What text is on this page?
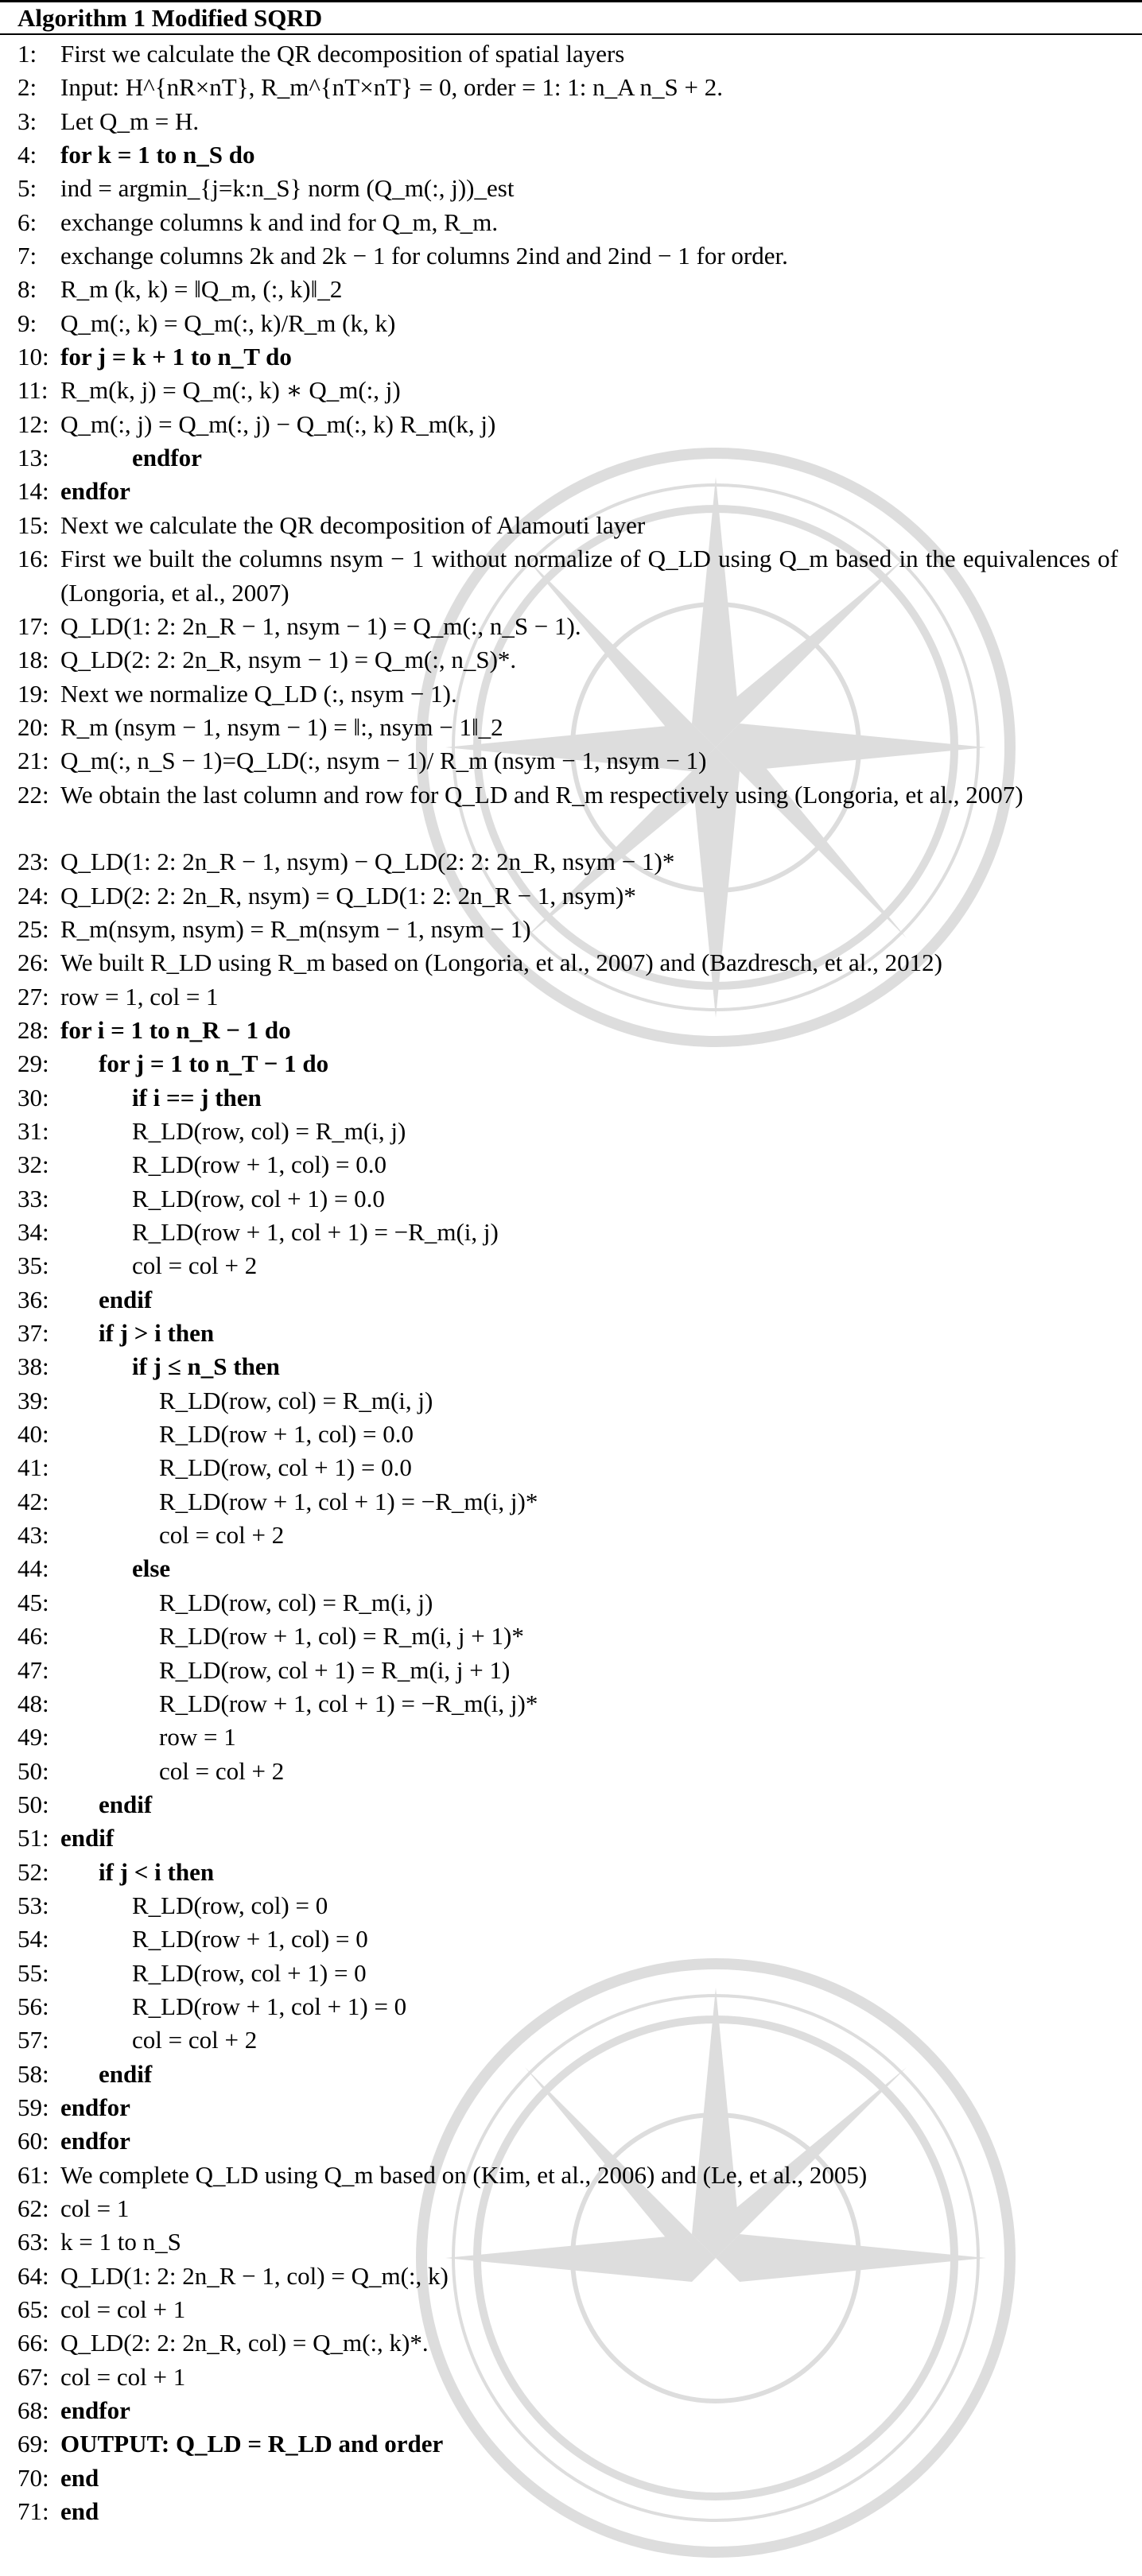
Algorithm 1 Modified SQRD
1: First we calculate the QR decomposition of spatial layers
2: Input: H^{nR×nT}, R_m^{nT×nT} = 0, order = 1: 1: n_A n_S + 2.
3: Let Q_m = H.
4: for k = 1 to n_S do
5: ind = argmin_{j=k:n_S} norm (Q_m(:, j))_est
6: exchange columns k and ind for Q_m, R_m.
7: exchange columns 2k and 2k − 1 for columns 2ind and 2ind − 1 for order.
8: R_m (k, k) = ‖Q_m, (:, k)‖_2
9: Q_m(:, k) = Q_m(:, k)/R_m (k, k)
10: for j = k + 1 to n_T do
11: R_m(k, j) = Q_m(:, k) ∗ Q_m(:, j)
12: Q_m(:, j) = Q_m(:, j) − Q_m(:, k) R_m(k, j)
13:	endfor
14: endfor
15: Next we calculate the QR decomposition of Alamouti layer
16: First we built the columns nsym − 1 without normalize of Q_LD using Q_m based in the equivalences of (Longoria, et al., 2007)
17: Q_LD(1: 2: 2n_R − 1, nsym − 1) = Q_m(:, n_S − 1).
18: Q_LD(2: 2: 2n_R, nsym − 1) = Q_m(:, n_S)*.
19: Next we normalize Q_LD (:, nsym − 1).
20: R_m (nsym − 1, nsym − 1) = ‖:, nsym − 1‖_2
21: Q_m(:, n_S − 1)=Q_LD(:, nsym − 1)/ R_m (nsym − 1, nsym − 1)
22: We obtain the last column and row for Q_LD and R_m respectively using (Longoria, et al., 2007)
23: Q_LD(1: 2: 2n_R − 1, nsym) − Q_LD(2: 2: 2n_R, nsym − 1)*
24: Q_LD(2: 2: 2n_R, nsym) = Q_LD(1: 2: 2n_R − 1, nsym)*
25: R_m(nsym, nsym) = R_m(nsym − 1, nsym − 1)
26: We built R_LD using R_m based on (Longoria, et al., 2007) and (Bazdresch, et al., 2012)
27: row = 1, col = 1
28: for i = 1 to n_R − 1 do
29: for j = 1 to n_T − 1 do
30:	if i == j then
31:	R_LD(row, col) = R_m(i, j)
32:	R_LD(row + 1, col) = 0.0
33:	R_LD(row, col + 1) = 0.0
34:	R_LD(row + 1, col + 1) = −R_m(i, j)
35:	col = col + 2
36: endif
37: if j > i then
38:	if j ≤ n_S then
39:	R_LD(row, col) = R_m(i, j)
40:	R_LD(row + 1, col) = 0.0
41:	R_LD(row, col + 1) = 0.0
42:	R_LD(row + 1, col + 1) = −R_m(i, j)*
43:	col = col + 2
44:	else
45:	R_LD(row, col) = R_m(i, j)
46:	R_LD(row + 1, col) = R_m(i, j + 1)*
47:	R_LD(row, col + 1) = R_m(i, j + 1)
48:	R_LD(row + 1, col + 1) = −R_m(i, j)*
49:	row = 1
50:	col = col + 2
50: endif
51: endif
52: if j < i then
53:	R_LD(row, col) = 0
54:	R_LD(row + 1, col) = 0
55:	R_LD(row, col + 1) = 0
56:	R_LD(row + 1, col + 1) = 0
57:	col = col + 2
58: endif
59: endfor
60: endfor
61: We complete Q_LD using Q_m based on (Kim, et al., 2006) and (Le, et al., 2005)
62: col = 1
63: k = 1 to n_S
64: Q_LD(1: 2: 2n_R − 1, col) = Q_m(:, k)
65: col = col + 1
66: Q_LD(2: 2: 2n_R, col) = Q_m(:, k)*.
67: col = col + 1
68: endfor
69: OUTPUT: Q_LD = R_LD and order
70: end
71: end
